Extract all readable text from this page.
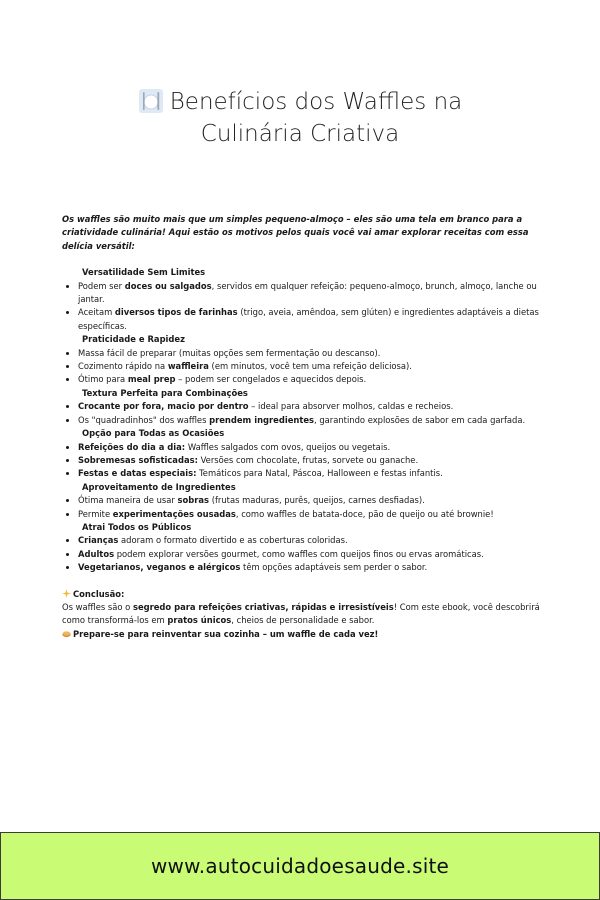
Benefícios dos Waffles na
Culinária Criativa

Os waffles são muito mais que um simples pequeno-almoço – eles são uma tela em branco para a criatividade culinária! Aqui estão os motivos pelos quais você vai amar explorar receitas com essa delícia versátil:

Versatilidade Sem Limites
• Podem ser doces ou salgados, servidos em qualquer refeição: pequeno-almoço, brunch, almoço, lanche ou jantar.
• Aceitam diversos tipos de farinhas (trigo, aveia, amêndoa, sem glúten) e ingredientes adaptáveis a dietas específicas.
Praticidade e Rapidez
• Massa fácil de preparar (muitas opções sem fermentação ou descanso).
• Cozimento rápido na waffleira (em minutos, você tem uma refeição deliciosa).
• Ótimo para meal prep – podem ser congelados e aquecidos depois.
Textura Perfeita para Combinações
• Crocante por fora, macio por dentro – ideal para absorver molhos, caldas e recheios.
• Os "quadradinhos" dos waffles prendem ingredientes, garantindo explosões de sabor em cada garfada.
Opção para Todas as Ocasiões
• Refeições do dia a dia: Waffles salgados com ovos, queijos ou vegetais.
• Sobremesas sofisticadas: Versões com chocolate, frutas, sorvete ou ganache.
• Festas e datas especiais: Temáticos para Natal, Páscoa, Halloween e festas infantis.
Aproveitamento de Ingredientes
• Ótima maneira de usar sobras (frutas maduras, purês, queijos, carnes desfiadas).
• Permite experimentações ousadas, como waffles de batata-doce, pão de queijo ou até brownie!
Atrai Todos os Públicos
• Crianças adoram o formato divertido e as coberturas coloridas.
• Adultos podem explorar versões gourmet, como waffles com queijos finos ou ervas aromáticas.
• Vegetarianos, veganos e alérgicos têm opções adaptáveis sem perder o sabor.

Conclusão:

Os waffles são o segredo para refeições criativas, rápidas e irresistíveis! Com este ebook, você descobrirá como transformá-los em pratos únicos, cheios de personalidade e sabor.

Prepare-se para reinventar sua cozinha – um waffle de cada vez!

www.autocuidadoesaude.site
